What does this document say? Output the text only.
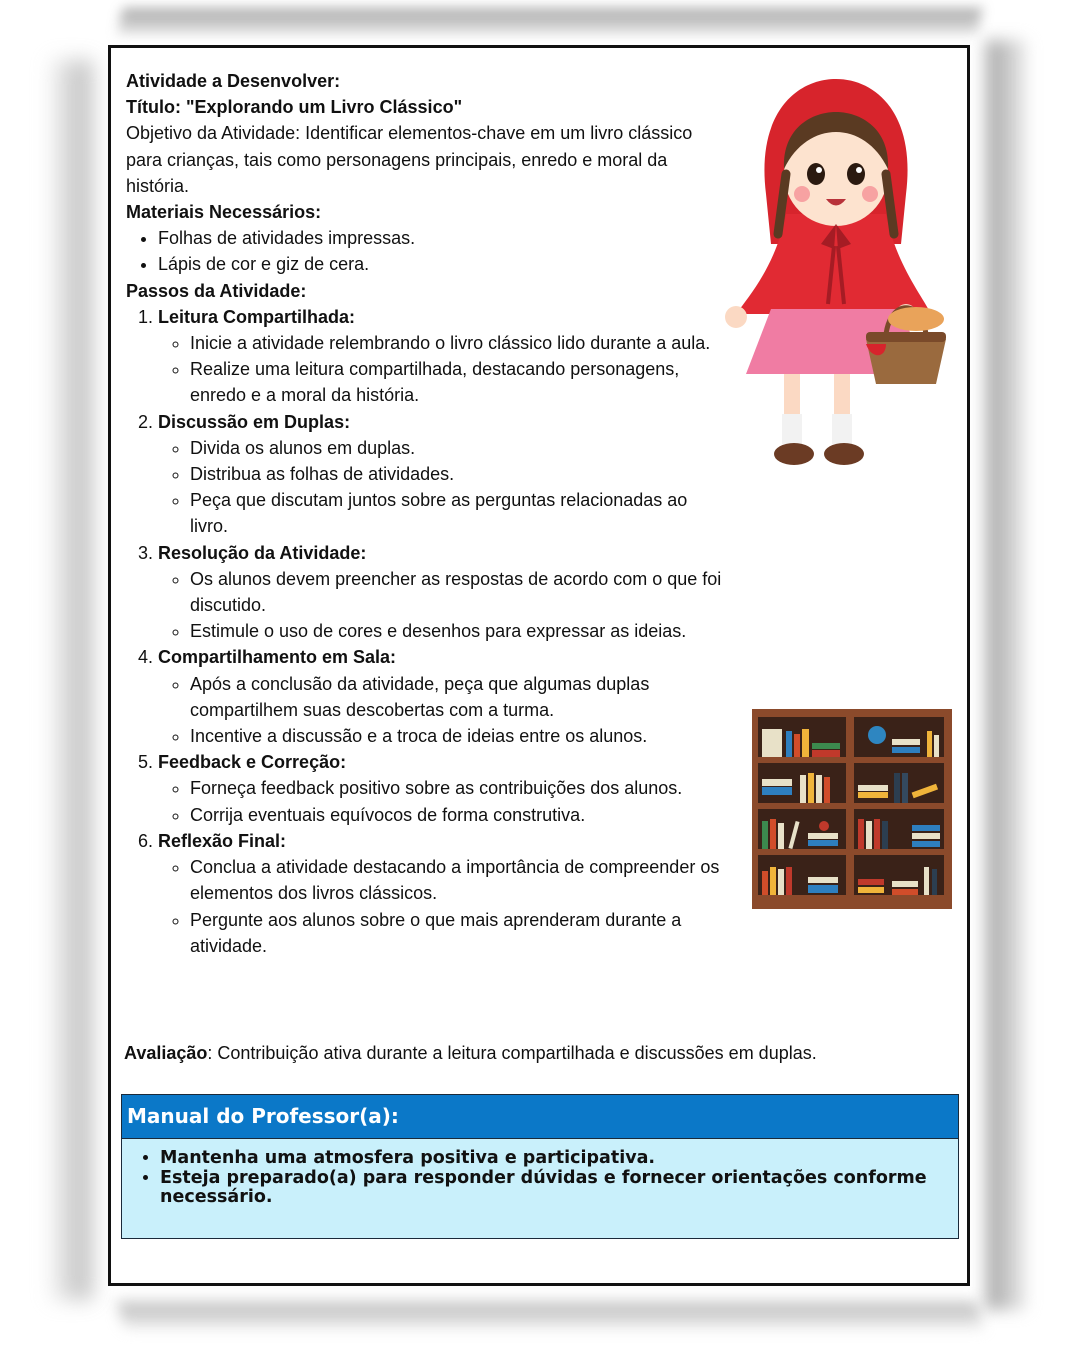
Atividade a Desenvolver:
Título: "Explorando um Livro Clássico"
Objetivo da Atividade: Identificar elementos-chave em um livro clássico para crianças, tais como personagens principais, enredo e moral da história.
Materiais Necessários:
• Folhas de atividades impressas.
• Lápis de cor e giz de cera.
Passos da Atividade:
1. Leitura Compartilhada:
◦ Inicie a atividade relembrando o livro clássico lido durante a aula.
◦ Realize uma leitura compartilhada, destacando personagens, enredo e a moral da história.
2. Discussão em Duplas:
◦ Divida os alunos em duplas.
◦ Distribua as folhas de atividades.
◦ Peça que discutam juntos sobre as perguntas relacionadas ao livro.
3. Resolução da Atividade:
◦ Os alunos devem preencher as respostas de acordo com o que foi discutido.
◦ Estimule o uso de cores e desenhos para expressar as ideias.
4. Compartilhamento em Sala:
◦ Após a conclusão da atividade, peça que algumas duplas compartilhem suas descobertas com a turma.
◦ Incentive a discussão e a troca de ideias entre os alunos.
5. Feedback e Correção:
◦ Forneça feedback positivo sobre as contribuições dos alunos.
◦ Corrija eventuais equívocos de forma construtiva.
6. Reflexão Final:
◦ Conclua a atividade destacando a importância de compreender os elementos dos livros clássicos.
◦ Pergunte aos alunos sobre o que mais aprenderam durante a atividade.
Avaliação: Contribuição ativa durante a leitura compartilhada e discussões em duplas.
Manual do Professor(a):
• Mantenha uma atmosfera positiva e participativa.
• Esteja preparado(a) para responder dúvidas e fornecer orientações conforme necessário.
